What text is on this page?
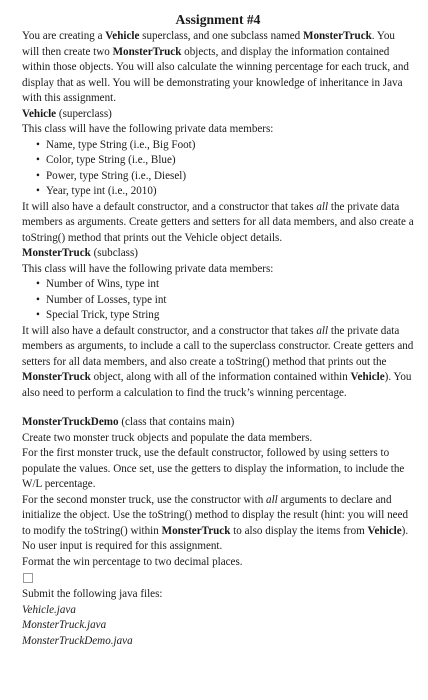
Assignment #4

You are creating a Vehicle superclass, and one subclass named MonsterTruck. You will then create two MonsterTruck objects, and display the information contained within those objects. You will also calculate the winning percentage for each truck, and display that as well. You will be demonstrating your knowledge of inheritance in Java with this assignment.

Vehicle (superclass)

This class will have the following private data members:

• Name, type String (i.e., Big Foot)
• Color, type String (i.e., Blue)
• Power, type String (i.e., Diesel)
• Year, type int (i.e., 2010)

It will also have a default constructor, and a constructor that takes all the private data members as arguments. Create getters and setters for all data members, and also create a toString() method that prints out the Vehicle object details.

MonsterTruck (subclass)

This class will have the following private data members:

• Number of Wins, type int
• Number of Losses, type int
• Special Trick, type String

It will also have a default constructor, and a constructor that takes all the private data members as arguments, to include a call to the superclass constructor. Create getters and setters for all data members, and also create a toString() method that prints out the MonsterTruck object, along with all of the information contained within Vehicle). You also need to perform a calculation to find the truck’s winning percentage.

MonsterTruckDemo (class that contains main)

Create two monster truck objects and populate the data members.

For the first monster truck, use the default constructor, followed by using setters to populate the values. Once set, use the getters to display the information, to include the W/L percentage.

For the second monster truck, use the constructor with all arguments to declare and initialize the object. Use the toString() method to display the result (hint: you will need to modify the toString() within MonsterTruck to also display the items from Vehicle).

No user input is required for this assignment.

Format the win percentage to two decimal places.

Submit the following java files:

Vehicle.java

MonsterTruck.java

MonsterTruckDemo.java
